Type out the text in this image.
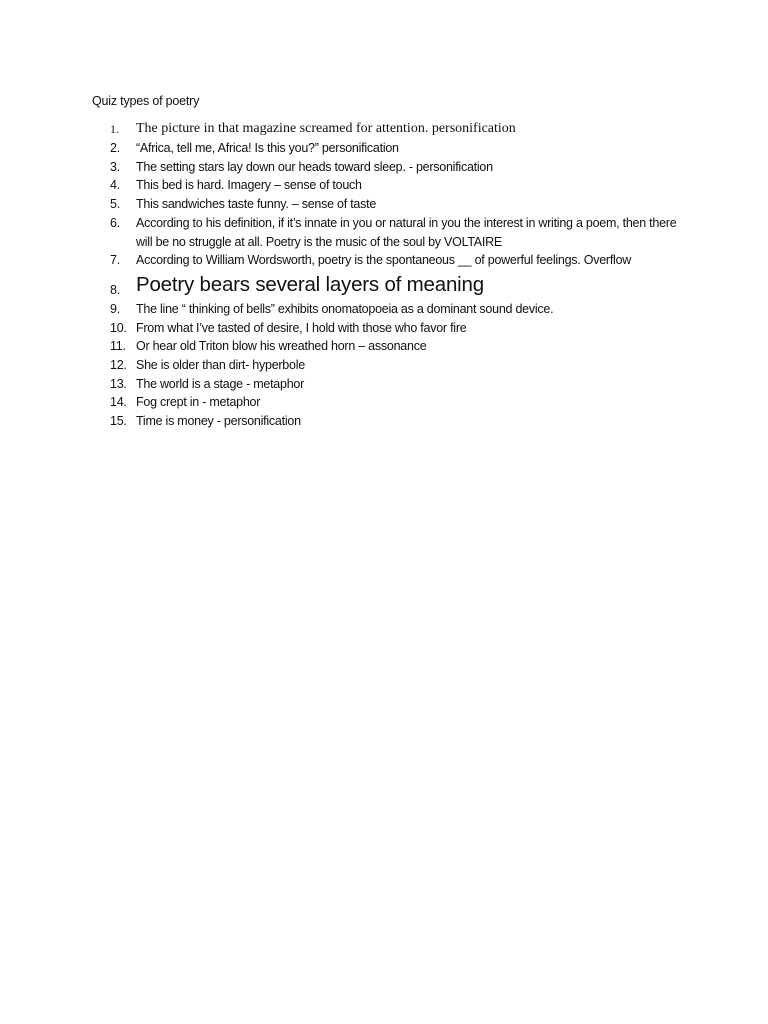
Quiz types of poetry
1. The picture in that magazine screamed for attention. personification
2. “Africa, tell me, Africa! Is this you?” personification
3. The setting stars lay down our heads toward sleep. - personification
4. This bed is hard. Imagery – sense of touch
5. This sandwiches taste funny. – sense of taste
6. According to his definition, if it’s innate in you or natural in you the interest in writing a poem, then there will be no struggle at all. Poetry is the music of the soul by VOLTAIRE
7. According to William Wordsworth, poetry is the spontaneous __ of powerful feelings. Overflow
8. Poetry bears several layers of meaning
9. The line “ thinking of bells” exhibits onomatopoeia as a dominant sound device.
10. From what I’ve tasted of desire, I hold with those who favor fire
11. Or hear old Triton blow his wreathed horn – assonance
12. She is older than dirt- hyperbole
13. The world is a stage - metaphor
14. Fog crept in - metaphor
15. Time is money - personification
